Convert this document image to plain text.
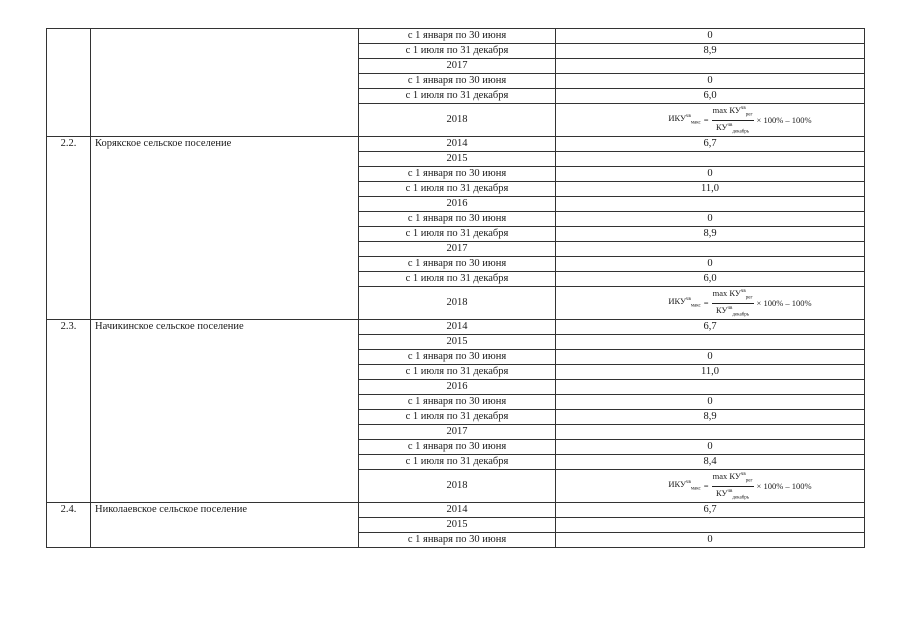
		с 1 января по 30 июня	0
		с 1 июля по 31 декабря	8,9
		2017	
		с 1 января по 30 июня	0
		с 1 июля по 31 декабря	6,0
		2018	$ИКУ^{чв}_{макс} = \frac{\max КУ^{чв}_{рег}}{КУ^{чв}_{декабрь}} \times 100\% - 100\%$

2.2.	Корякское сельское поселение	2014	6,7
		2015	
		с 1 января по 30 июня	0
		с 1 июля по 31 декабря	11,0
		2016	
		с 1 января по 30 июня	0
		с 1 июля по 31 декабря	8,9
		2017	
		с 1 января по 30 июня	0
		с 1 июля по 31 декабря	6,0
		2018	$ИКУ^{чв}_{макс} = \frac{\max КУ^{чв}_{рег}}{КУ^{чв}_{декабрь}} \times 100\% - 100\%$

2.3.	Начикинское сельское поселение	2014	6,7
		2015	
		с 1 января по 30 июня	0
		с 1 июля по 31 декабря	11,0
		2016	
		с 1 января по 30 июня	0
		с 1 июля по 31 декабря	8,9
		2017	
		с 1 января по 30 июня	0
		с 1 июля по 31 декабря	8,4
		2018	$ИКУ^{чв}_{макс} = \frac{\max КУ^{чв}_{рег}}{КУ^{чв}_{декабрь}} \times 100\% - 100\%$

2.4.	Николаевское сельское поселение	2014	6,7
		2015	
		с 1 января по 30 июня	0
